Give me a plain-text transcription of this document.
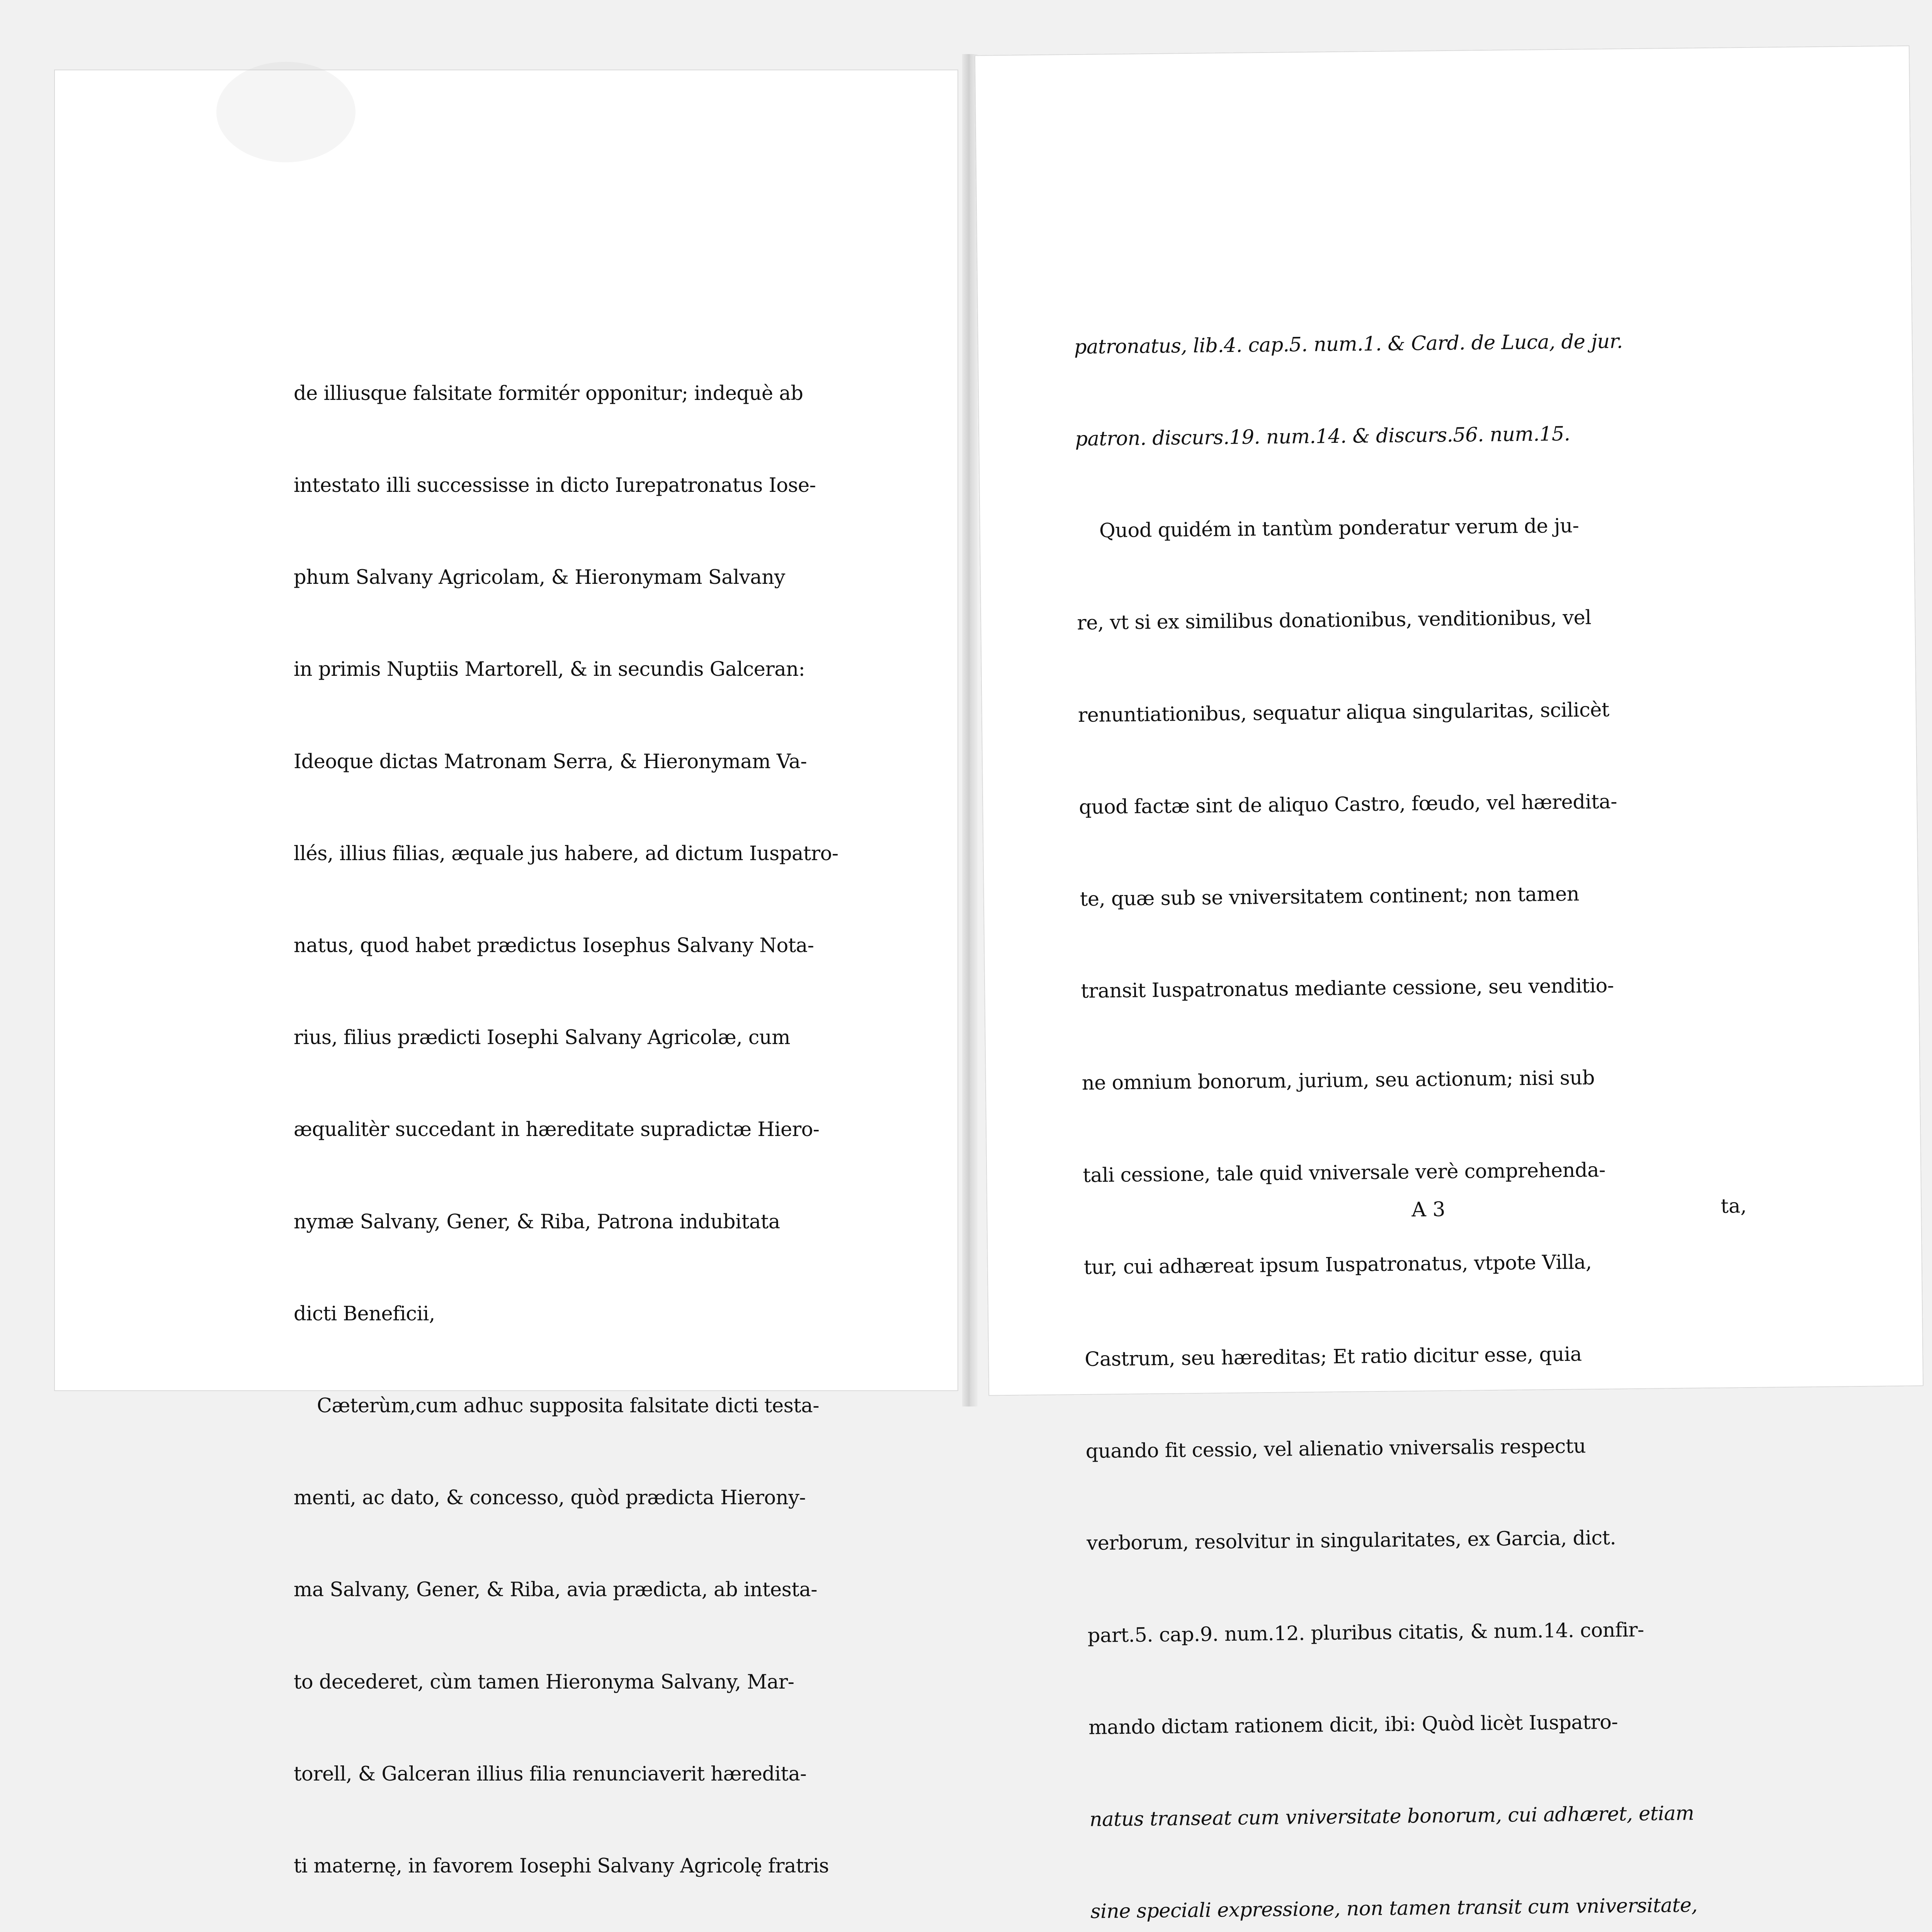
de illiusque falsitate formitér opponitur; indequè ab

intestato illi successisse in dicto Iurepatronatus Iose-

phum Salvany Agricolam, & Hieronymam Salvany

in primis Nuptiis Martorell, & in secundis Galceran:

Ideoque dictas Matronam Serra, & Hieronymam Va-

llés, illius filias, æquale jus habere, ad dictum Iuspatro-

natus, quod habet prædictus Iosephus Salvany Nota-

rius, filius prædicti Iosephi Salvany Agricolæ, cum

æqualitèr succedant in hæreditate supradictæ Hiero-

nymæ Salvany, Gener, & Riba, Patrona indubitata

dicti Beneficii,

Cæterùm,cum adhuc supposita falsitate dicti testa-

menti, ac dato, & concesso, quòd prædicta Hierony-

ma Salvany, Gener, & Riba, avia prædicta, ab intesta-

to decederet, cùm tamen Hieronyma Salvany, Mar-

torell, & Galceran illius filia renunciaverit hæredita-

ti maternę, in favorem Iosephi Salvany Agricolę fratris

patronatus, lib.4. cap.5. num.1. & Card. de Luca, de jur.

patron. discurs.19. num.14. & discurs.56. num.15.

Quod quidém in tantùm ponderatur verum de ju-

re, vt si ex similibus donationibus, venditionibus, vel

renuntiationibus, sequatur aliqua singularitas, scilicèt

quod factæ sint de aliquo Castro, fœudo, vel hæredita-

te, quæ sub se vniversitatem continent; non tamen

transit Iuspatronatus mediante cessione, seu venditio-

ne omnium bonorum, jurium, seu actionum; nisi sub

tali cessione, tale quid vniversale verè comprehenda-

tur, cui adhæreat ipsum Iuspatronatus, vtpote Villa,

Castrum, seu hæreditas; Et ratio dicitur esse, quia

quando fit cessio, vel alienatio vniversalis respectu

verborum, resolvitur in singularitates, ex Garcia, dict.

part.5. cap.9. num.12. pluribus citatis, & num.14. confir-

mando dictam rationem dicit, ibi: Quòd licèt Iuspatro-

natus transeat cum vniversitate bonorum, cui adhæret, etiam

sine speciali expressione, non tamen transit cum vniversitate,

A 3	ta,
